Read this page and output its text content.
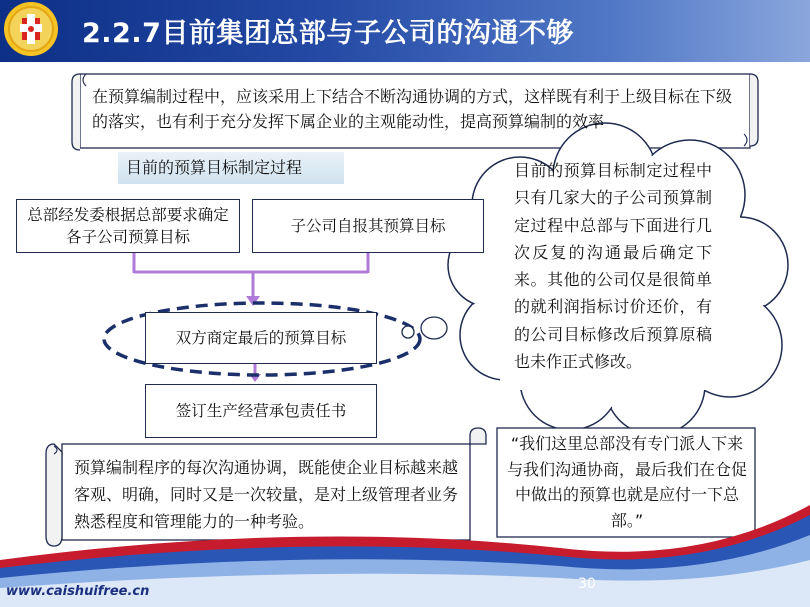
2.2.7目前集团总部与子公司的沟通不够
在预算编制过程中，应该采用上下结合不断沟通协调的方式，这样既有利于上级目标在下级的落实，也有利于充分发挥下属企业的主观能动性，提高预算编制的效率
目前的预算目标制定过程
总部经发委根据总部要求确定各子公司预算目标
子公司自报其预算目标
双方商定最后的预算目标
签订生产经营承包责任书
目前的预算目标制定过程中只有几家大的子公司预算制定过程中总部与下面进行几次反复的沟通最后确定下来。其他的公司仅是很简单的就利润指标讨价还价，有的公司目标修改后预算原稿也未作正式修改。
预算编制程序的每次沟通协调，既能使企业目标越来越客观、明确，同时又是一次较量，是对上级管理者业务熟悉程度和管理能力的一种考验。
“我们这里总部没有专门派人下来与我们沟通协商，最后我们在仓促中做出的预算也就是应付一下总部。”
www.caishuifree.cn	30
